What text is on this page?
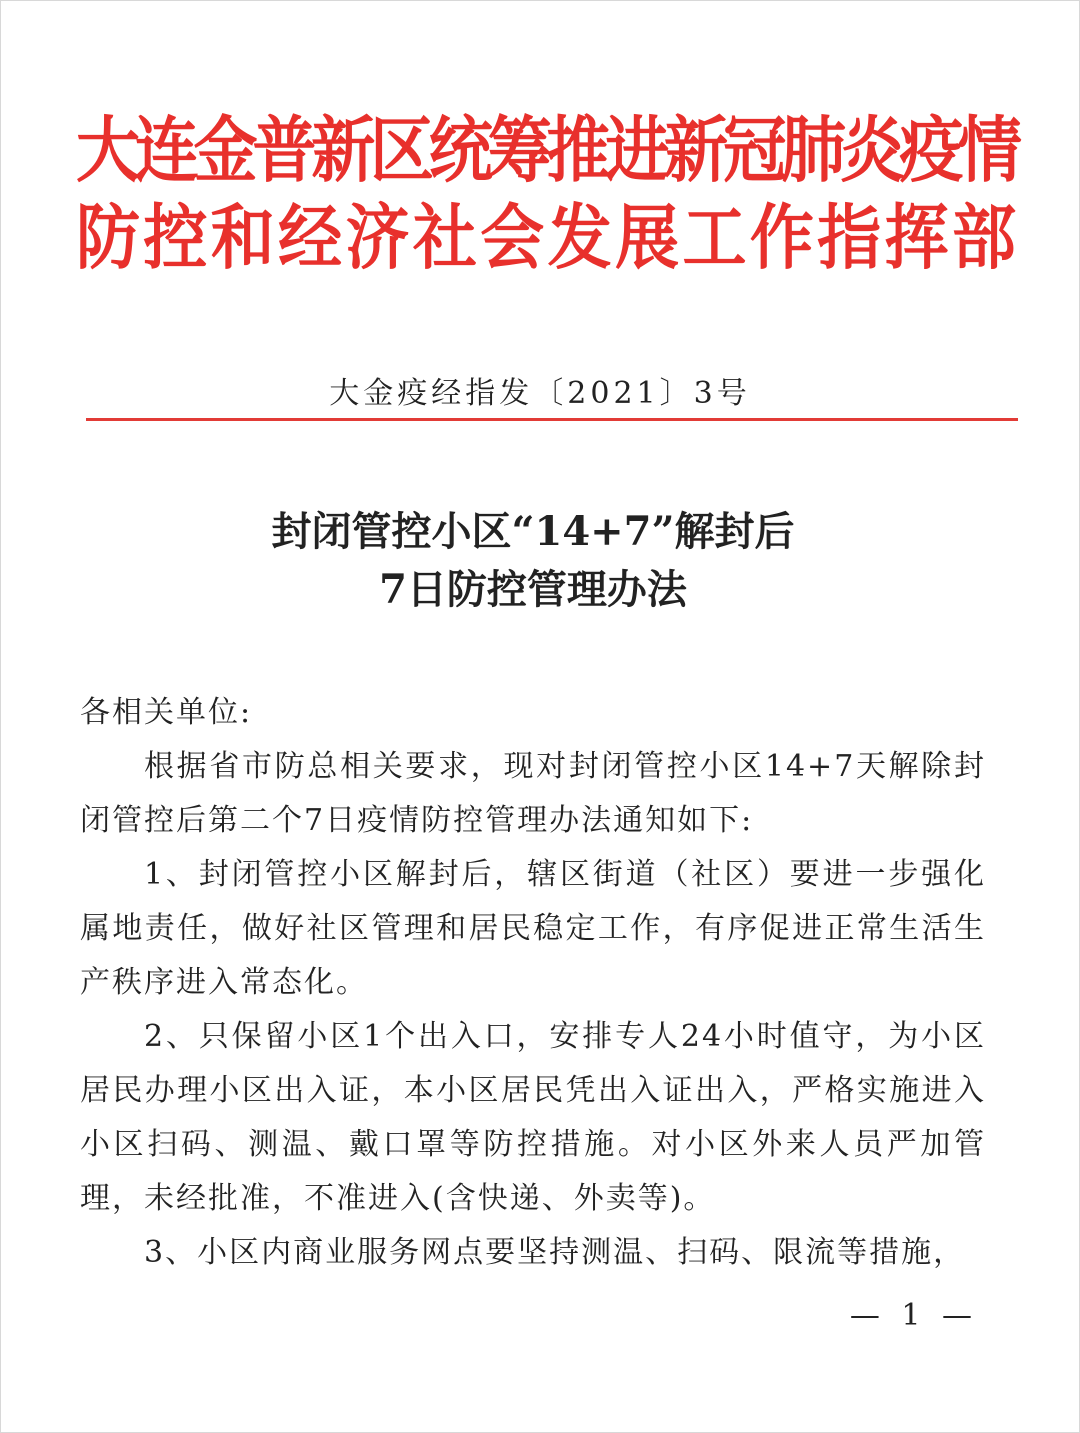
大连金普新区统筹推进新冠肺炎疫情
防控和经济社会发展工作指挥部
大金疫经指发〔2021〕3号
封闭管控小区“14+7”解封后
7日防控管理办法

各相关单位:

根据省市防总相关要求，现对封闭管控小区14+7天解除封闭管控后第二个7日疫情防控管理办法通知如下:

1、封闭管控小区解封后，辖区街道（社区）要进一步强化属地责任，做好社区管理和居民稳定工作，有序促进正常生活生产秩序进入常态化。

2、只保留小区1个出入口，安排专人24小时值守，为小区居民办理小区出入证，本小区居民凭出入证出入，严格实施进入小区扫码、测温、戴口罩等防控措施。对小区外来人员严加管理，未经批准，不准进入(含快递、外卖等)。

3、小区内商业服务网点要坚持测温、扫码、限流等措施，

— 1 —
